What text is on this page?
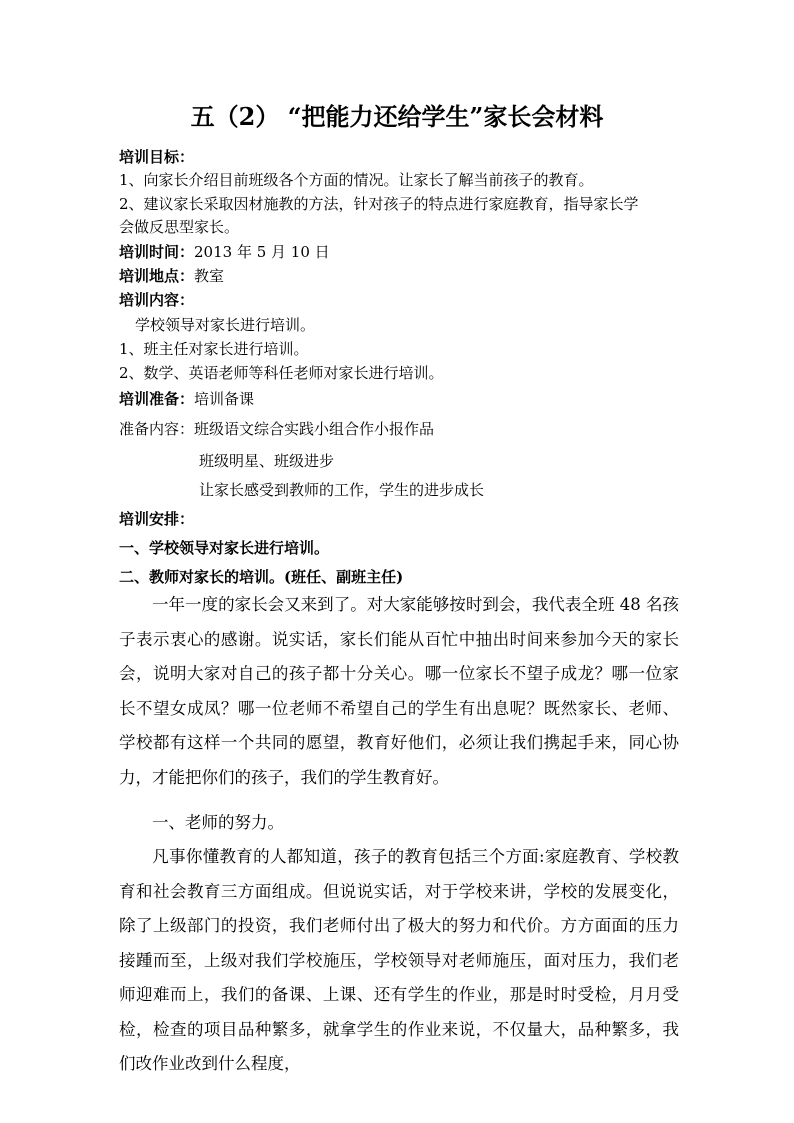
五（2） “把能力还给学生”家长会材料
培训目标：
1、向家长介绍目前班级各个方面的情况。让家长了解当前孩子的教育。
2、建议家长采取因材施教的方法，针对孩子的特点进行家庭教育，指导家长学
会做反思型家长。
培训时间：2013 年 5 月 10 日
培训地点：教室
培训内容：
学校领导对家长进行培训。
1、班主任对家长进行培训。
2、数学、英语老师等科任老师对家长进行培训。
培训准备：培训备课
准备内容：班级语文综合实践小组合作小报作品
班级明星、班级进步
让家长感受到教师的工作，学生的进步成长
培训安排：
一、学校领导对家长进行培训。
二、教师对家长的培训。(班任、副班主任)
一年一度的家长会又来到了。对大家能够按时到会，我代表全班 48 名孩子表示衷心的感谢。说实话，家长们能从百忙中抽出时间来参加今天的家长会，说明大家对自己的孩子都十分关心。哪一位家长不望子成龙？哪一位家长不望女成凤？哪一位老师不希望自己的学生有出息呢？既然家长、老师、学校都有这样一个共同的愿望，教育好他们，必须让我们携起手来，同心协力，才能把你们的孩子，我们的学生教育好。
一、老师的努力。
凡事你懂教育的人都知道，孩子的教育包括三个方面:家庭教育、学校教育和社会教育三方面组成。但说说实话，对于学校来讲，学校的发展变化，除了上级部门的投资，我们老师付出了极大的努力和代价。方方面面的压力接踵而至，上级对我们学校施压，学校领导对老师施压，面对压力，我们老师迎难而上，我们的备课、上课、还有学生的作业，那是时时受检，月月受检，检查的项目品种繁多，就拿学生的作业来说，不仅量大，品种繁多，我们改作业改到什么程度，
